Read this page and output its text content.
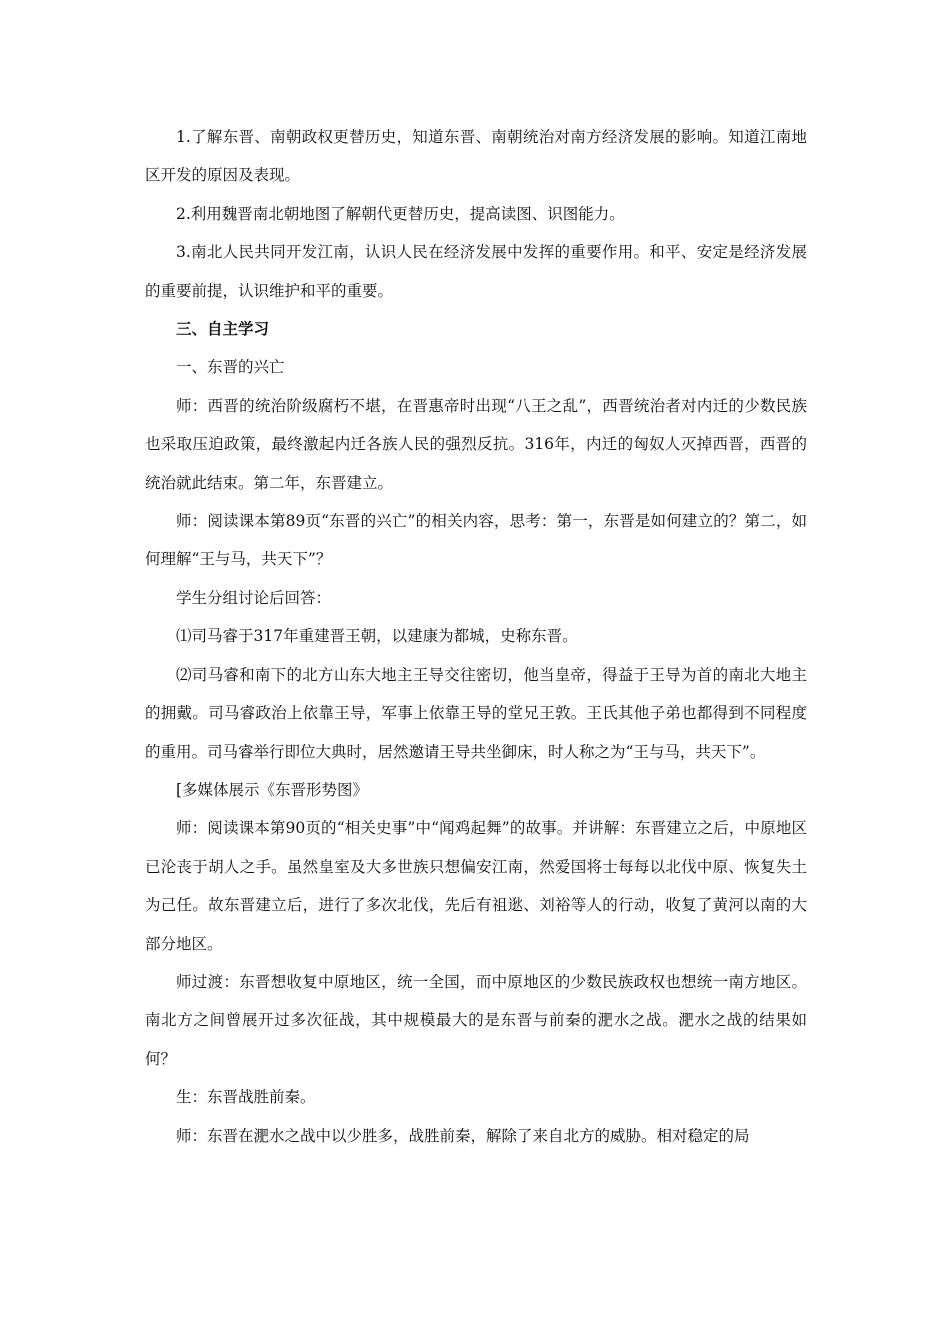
1.了解东晋、南朝政权更替历史，知道东晋、南朝统治对南方经济发展的影响。知道江南地区开发的原因及表现。

2.利用魏晋南北朝地图了解朝代更替历史，提高读图、识图能力。

3.南北人民共同开发江南，认识人民在经济发展中发挥的重要作用。和平、安定是经济发展的重要前提，认识维护和平的重要。

三、自主学习

一、东晋的兴亡

师：西晋的统治阶级腐朽不堪，在晋惠帝时出现“八王之乱”，西晋统治者对内迁的少数民族也采取压迫政策，最终激起内迁各族人民的强烈反抗。316年，内迁的匈奴人灭掉西晋，西晋的统治就此结束。第二年，东晋建立。

师：阅读课本第89页“东晋的兴亡”的相关内容，思考：第一，东晋是如何建立的？第二，如何理解“王与马，共天下”？

学生分组讨论后回答：

⑴司马睿于317年重建晋王朝，以建康为都城，史称东晋。

⑵司马睿和南下的北方山东大地主王导交往密切，他当皇帝，得益于王导为首的南北大地主的拥戴。司马睿政治上依靠王导，军事上依靠王导的堂兄王敦。王氏其他子弟也都得到不同程度的重用。司马睿举行即位大典时，居然邀请王导共坐御床，时人称之为“王与马，共天下”。

[多媒体展示《东晋形势图》

师：阅读课本第90页的“相关史事”中“闻鸡起舞”的故事。并讲解：东晋建立之后，中原地区已沦丧于胡人之手。虽然皇室及大多世族只想偏安江南，然爱国将士每每以北伐中原、恢复失土为己任。故东晋建立后，进行了多次北伐，先后有祖逖、刘裕等人的行动，收复了黄河以南的大部分地区。

师过渡：东晋想收复中原地区，统一全国，而中原地区的少数民族政权也想统一南方地区。南北方之间曾展开过多次征战，其中规模最大的是东晋与前秦的淝水之战。淝水之战的结果如何？

生：东晋战胜前秦。

师：东晋在淝水之战中以少胜多，战胜前秦，解除了来自北方的威胁。相对稳定的局
